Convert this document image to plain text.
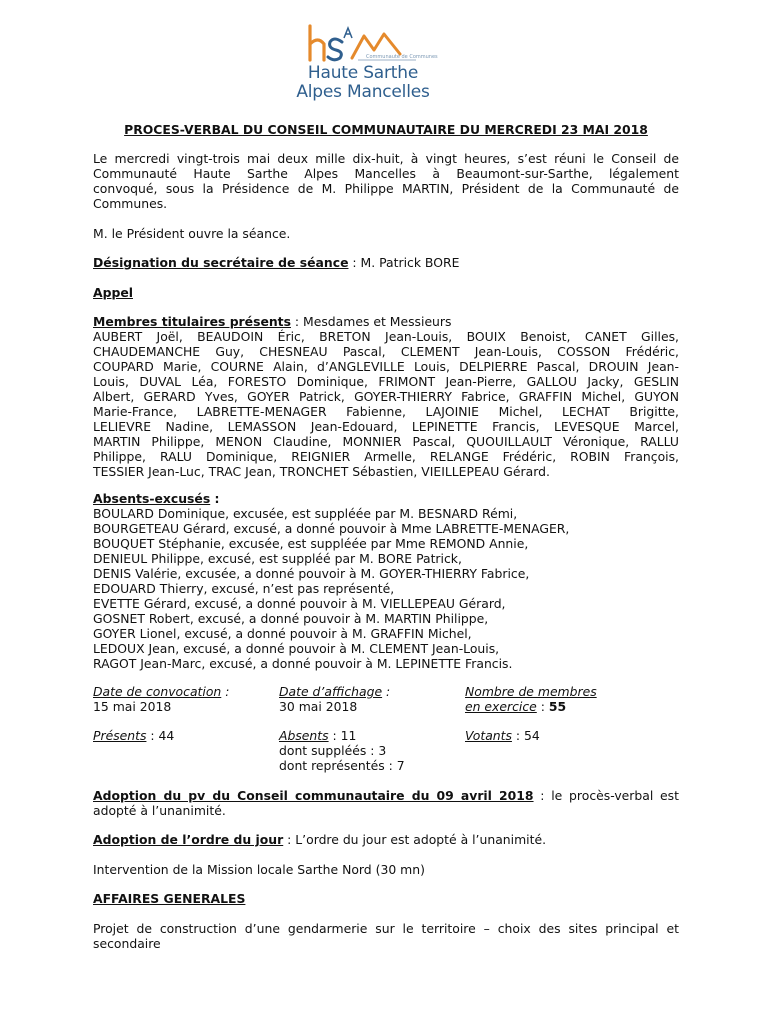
Communauté de Communes
Haute Sarthe
Alpes Mancelles
PROCES-VERBAL DU CONSEIL COMMUNAUTAIRE DU MERCREDI 23 MAI 2018
Le mercredi vingt-trois mai deux mille dix-huit, à vingt heures, s’est réuni le Conseil de
Communauté Haute Sarthe Alpes Mancelles à Beaumont-sur-Sarthe, légalement
convoqué, sous la Présidence de M. Philippe MARTIN, Président de la Communauté de
Communes.
M. le Président ouvre la séance.
Désignation du secrétaire de séance : M. Patrick BORE
Appel
Membres titulaires présents : Mesdames et Messieurs
AUBERT Joël, BEAUDOIN Éric, BRETON Jean-Louis, BOUIX Benoist, CANET Gilles,
CHAUDEMANCHE Guy, CHESNEAU Pascal, CLEMENT Jean-Louis, COSSON Frédéric,
COUPARD Marie, COURNE Alain, d’ANGLEVILLE Louis, DELPIERRE Pascal, DROUIN Jean-
Louis, DUVAL Léa, FORESTO Dominique, FRIMONT Jean-Pierre, GALLOU Jacky, GESLIN
Albert, GERARD Yves, GOYER Patrick, GOYER-THIERRY Fabrice, GRAFFIN Michel, GUYON
Marie-France, LABRETTE-MENAGER Fabienne, LAJOINIE Michel, LECHAT Brigitte,
LELIEVRE Nadine, LEMASSON Jean-Edouard, LEPINETTE Francis, LEVESQUE Marcel,
MARTIN Philippe, MENON Claudine, MONNIER Pascal, QUOUILLAULT Véronique, RALLU
Philippe, RALU Dominique, REIGNIER Armelle, RELANGE Frédéric, ROBIN François,
TESSIER Jean-Luc, TRAC Jean, TRONCHET Sébastien, VIEILLEPEAU Gérard.
Absents-excusés :
BOULARD Dominique, excusée, est suppléée par M. BESNARD Rémi,
BOURGETEAU Gérard, excusé, a donné pouvoir à Mme LABRETTE-MENAGER,
BOUQUET Stéphanie, excusée, est suppléée par Mme REMOND Annie,
DENIEUL Philippe, excusé, est suppléé par M. BORE Patrick,
DENIS Valérie, excusée, a donné pouvoir à M. GOYER-THIERRY Fabrice,
EDOUARD Thierry, excusé, n’est pas représenté,
EVETTE Gérard, excusé, a donné pouvoir à M. VIELLEPEAU Gérard,
GOSNET Robert, excusé, a donné pouvoir à M. MARTIN Philippe,
GOYER Lionel, excusé, a donné pouvoir à M. GRAFFIN Michel,
LEDOUX Jean, excusé, a donné pouvoir à M. CLEMENT Jean-Louis,
RAGOT Jean-Marc, excusé, a donné pouvoir à M. LEPINETTE Francis.
Date de convocation :
15 mai 2018
Date d’affichage :
30 mai 2018
Nombre de membres
en exercice : 55
Présents : 44	Absents : 11
dont suppléés : 3
dont représentés : 7
Votants : 54
Adoption du pv du Conseil communautaire du 09 avril 2018 : le procès-verbal est
adopté à l’unanimité.
Adoption de l’ordre du jour : L’ordre du jour est adopté à l’unanimité.
Intervention de la Mission locale Sarthe Nord (30 mn)
AFFAIRES GENERALES
Projet de construction d’une gendarmerie sur le territoire – choix des sites principal et
secondaire
